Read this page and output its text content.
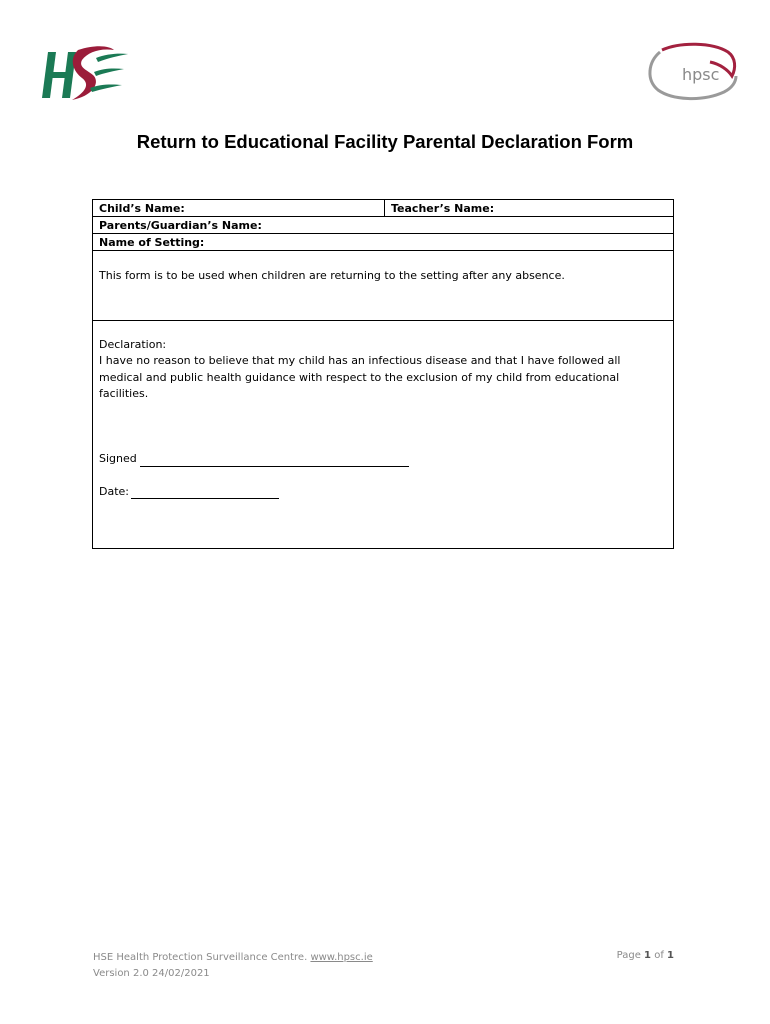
hpsc
Return to Educational Facility Parental Declaration Form
Child’s Name:	Teacher’s Name:
Parents/Guardian’s Name:
Name of Setting:
This form is to be used when children are returning to the setting after any absence.
Declaration:
I have no reason to believe that my child has an infectious disease and that I have followed all
medical and public health guidance with respect to the exclusion of my child from educational
facilities.
Signed
Date:
HSE Health Protection Surveillance Centre. www.hpsc.ie
Version 2.0 24/02/2021
Page 1 of 1
